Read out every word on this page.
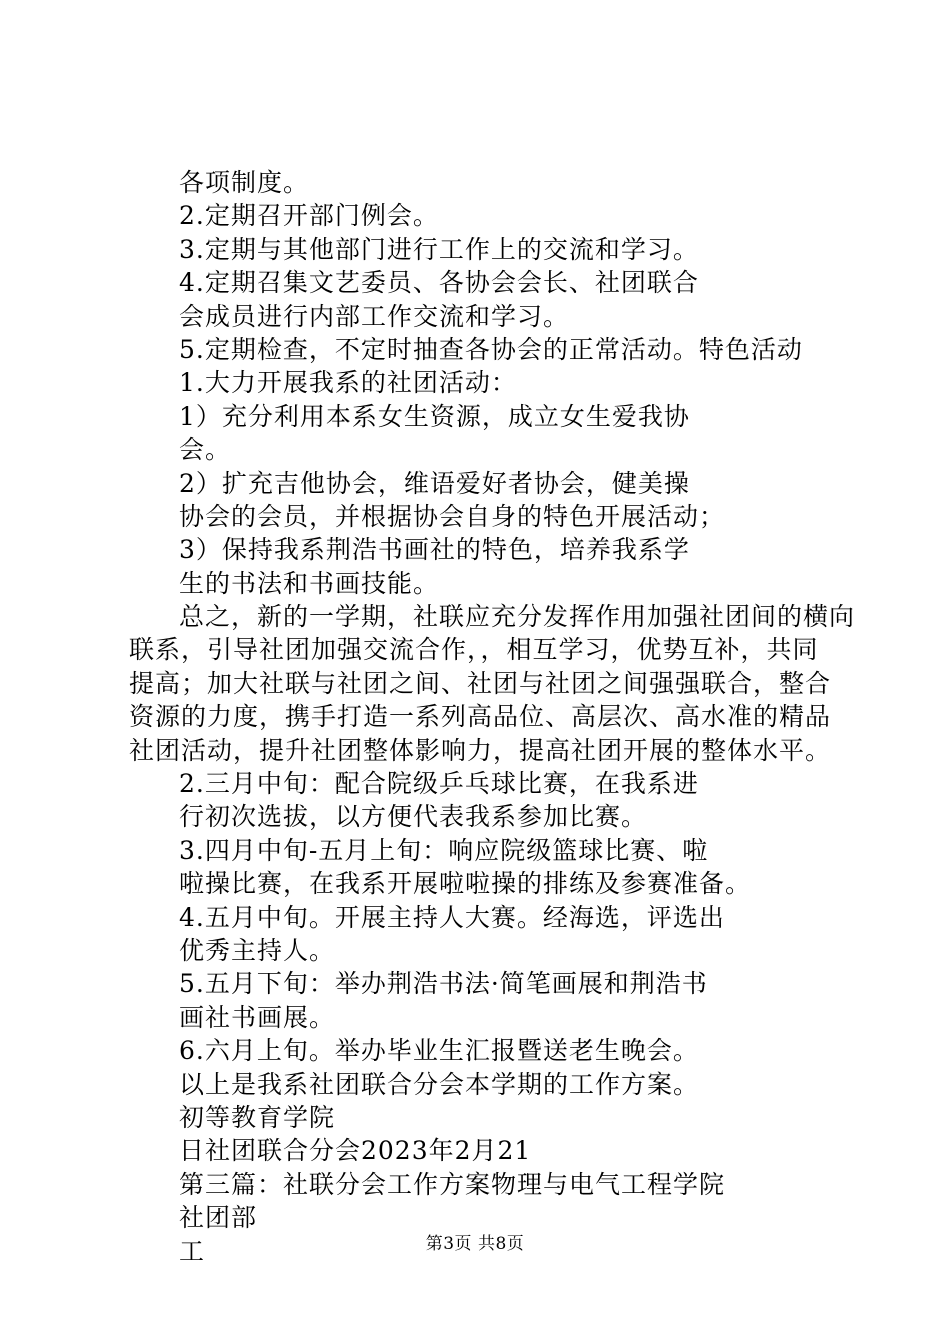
各项制度。
2.定期召开部门例会。
3.定期与其他部门进行工作上的交流和学习。
4.定期召集文艺委员、各协会会长、社团联合
会成员进行内部工作交流和学习。
5.定期检查，不定时抽查各协会的正常活动。特色活动
1.大力开展我系的社团活动：
1）充分利用本系女生资源，成立女生爱我协
会。
2）扩充吉他协会，维语爱好者协会，健美操
协会的会员，并根据协会自身的特色开展活动；
3）保持我系荆浩书画社的特色，培养我系学
生的书法和书画技能。
总之，新的一学期，社联应充分发挥作用加强社团间的横向
联系，引导社团加强交流合作，，相互学习，优势互补，共同
提高；加大社联与社团之间、社团与社团之间强强联合，整合
资源的力度，携手打造一系列高品位、高层次、高水准的精品
社团活动，提升社团整体影响力，提高社团开展的整体水平。
2.三月中旬：配合院级乒乓球比赛，在我系进
行初次选拔，以方便代表我系参加比赛。
3.四月中旬-五月上旬：响应院级篮球比赛、啦
啦操比赛，在我系开展啦啦操的排练及参赛准备。
4.五月中旬。开展主持人大赛。经海选，评选出
优秀主持人。
5.五月下旬：举办荆浩书法·简笔画展和荆浩书
画社书画展。
6.六月上旬。举办毕业生汇报暨送老生晚会。
以上是我系社团联合分会本学期的工作方案。
初等教育学院
日社团联合分会2023年2月21
第三篇：社联分会工作方案物理与电气工程学院
社团部
工	第3页 共8页
